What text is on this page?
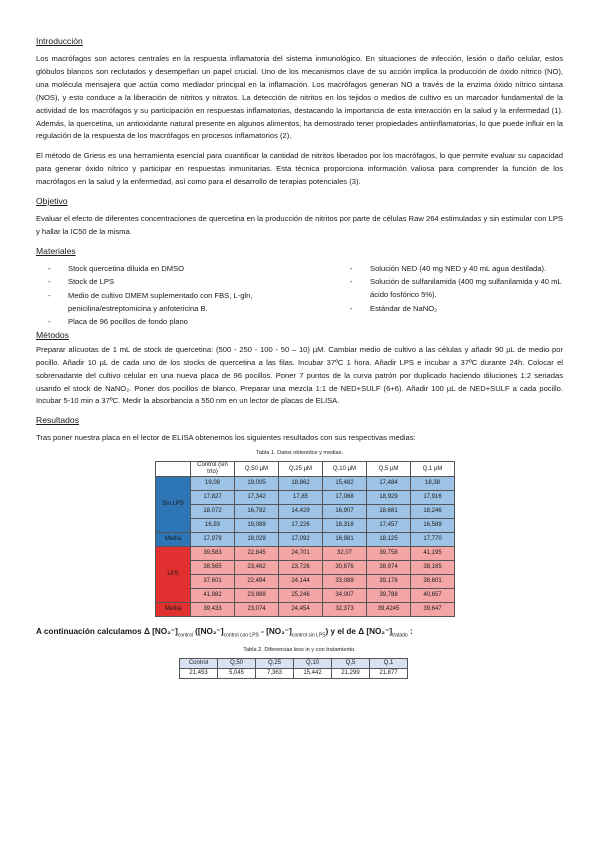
Introducción

Los macrófagos son actores centrales en la respuesta inflamatoria del sistema inmunológico. En situaciones de infección, lesión o daño celular, estos glóbulos blancos son reclutados y desempeñan un papel crucial. Uno de los mecanismos clave de su acción implica la producción de óxido nítrico (NO), una molécula mensajera que actúa como mediador principal en la inflamación. Los macrófagos generan NO a través de la enzima óxido nítrico sintasa (NOS), y esto conduce a la liberación de nitritos y nitratos. La detección de nitritos en los tejidos o medios de cultivo es un marcador fundamental de la actividad de los macrófagos y su participación en respuestas inflamatorias, destacando la importancia de esta interacción en la salud y la enfermedad (1). Además, la quercetina, un antioxidante natural presente en algunos alimentos, ha demostrado tener propiedades antiinflamatorias, lo que puede influir en la regulación de la respuesta de los macrófagos en procesos inflamatorios (2).

El método de Griess es una herramienta esencial para cuantificar la cantidad de nitritos liberados por los macrófagos, lo que permite evaluar su capacidad para generar óxido nítrico y participar en respuestas inmunitarias. Esta técnica proporciona información valiosa para comprender la función de los macrófagos en la salud y la enfermedad, así como para el desarrollo de terapias potenciales (3).

Objetivo

Evaluar el efecto de diferentes concentraciones de quercetina en la producción de nitritos por parte de células Raw 264 estimuladas y sin estimular con LPS y hallar la IC50 de la misma.

Materiales
- Stock quercetina diluida en DMSO
- Stock de LPS
- Medio de cultivo DMEM suplementado con FBS, L-gln, penicilina/estreptomicina y anfotericina B.
- Placa de 96 pocillos de fondo plano
- Solución NED (40 mg NED y 40 mL agua destilada).
- Solución de sulfanilamida (400 mg sulfanilamida y 40 mL ácido fosfórico 5%).
- Estándar de NaNO₂
Métodos

Preparar alícuotas de 1 mL de stock de quercetina: (500 - 250 - 100 - 50 – 10) µM. Cambiar medio de cultivo a las células y añadir 90 µL de medio por pocillo. Añadir 10 µL de cada uno de los stocks de quercetina a las filas. Incubar 37ºC 1 hora. Añadir LPS e incubar a 37ºC durante 24h. Colocar el sobrenadante del cultivo celular en una nueva placa de 96 pocillos. Poner 7 puntos de la curva patrón por duplicado haciendo diluciones 1:2 seriadas usando el stock de NaNO₂. Poner dos pocillos de blanco. Preparar una mezcla 1:1 de NED+SULF (6+6). Añadir 100 µL de NED+SULF a cada pocillo. Incubar 5-10 min a 37ºC. Medir la absorbancia a 550 nm en un lector de placas de ELISA.

Resultados

Tras poner nuestra placa en el lector de ELISA obtenemos los siguientes resultados con sus respectivas medias:

Tabla 1. Datos obtenidos y medias.
	Control (sin trto)	Q,50 µM	Q,25 µM	Q,10 µM	Q,5 µM	Q,1 µM
Sin LPS	19,09	19,005	18,862	15,482	17,484	18,38
	17,827	17,342	17,85	17,068	18,929	17,916
	18,072	16,782	14,429	16,907	18,681	18,246
	16,93	19,089	17,226	18,318	17,457	16,589
Media	17,979	18,029	17,092	16,981	18,125	17,770
LPS	39,583	22,845	24,701	32,07	39,758	41,195
	38,565	23,462	23,726	30,876	38,974	38,185
	37,601	22,494	24,144	33,089	39,178	38,601
	41,982	23,988	25,246	34,007	39,788	40,657
Media	39,433	23,074	24,454	32,373	39,4245	39,647
A continuación calculamos Δ $[NO_2^-]_{control}$ $([NO_2^-]_{control con LPS} - [NO_2^-]_{control sin LPS})$ y el de Δ $[NO_2^-]_{tratado}$ :
Tabla 2. Diferencias less in y con tratamiento.
Control	Q,50	Q,25	Q,10	Q,5	Q,1
21,453	5,045	7,363	15,442	21,299	21,877
